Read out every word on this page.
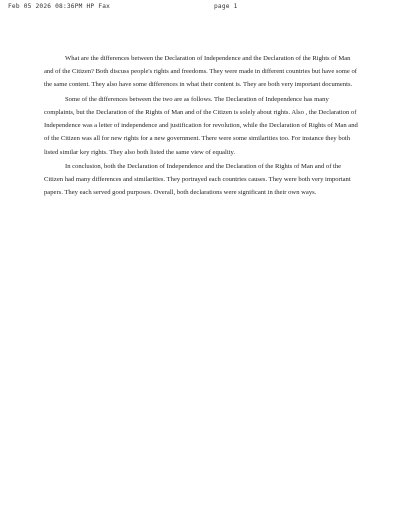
Feb 05 2026 08:36PM HP Fax	page 1

What are the differences between the Declaration of Independence and the Declaration of the Rights of Man and of the Citizen? Both discuss people's rights and freedoms. They were made in different countries but have some of the same content. They also have some differences in what their content is. They are both very important documents.

Some of the differences between the two are as follows. The Declaration of Independence has many complaints, but the Declaration of the Rights of Man and of the Citizen is solely about rights. Also , the Declaration of Independence was a letter of independence and justification for revolution, while the Declaration of Rights of Man and of the Citizen was all for new rights for a new government. There were some similarities too. For instance they both listed similar key rights. They also both listed the same view of equality.

In conclusion, both the Declaration of Independence and the Declaration of the Rights of Man and of the Citizen had many differences and similarities. They portrayed each countries causes. They were both very important papers. They each served good purposes. Overall, both declarations were significant in their own ways.
